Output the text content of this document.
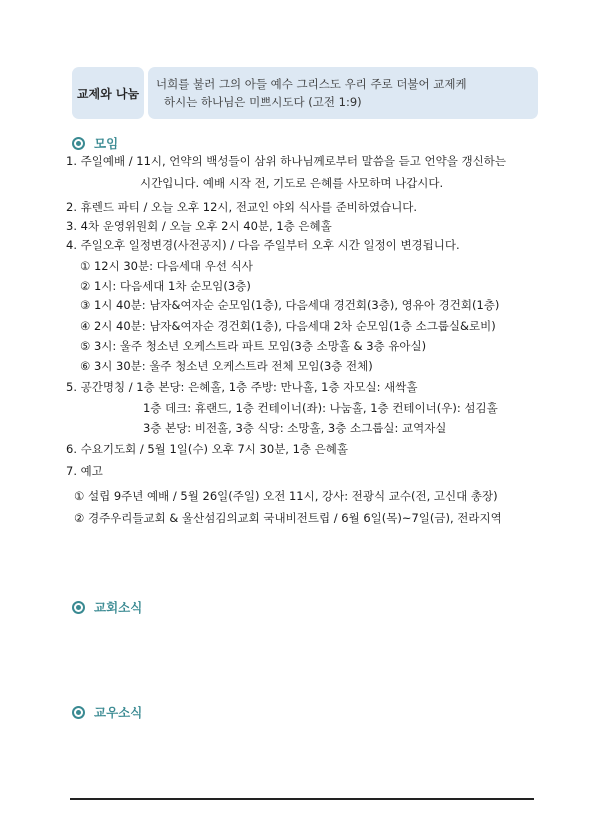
교제와 나눔
너희를 불러 그의 아들 예수 그리스도 우리 주로 더불어 교제케
하시는 하나님은 미쁘시도다 (고전 1:9)
모임
1. 주일예배 / 11시, 언약의 백성들이 삼위 하나님께로부터 말씀을 듣고 언약을 갱신하는
시간입니다. 예배 시작 전, 기도로 은혜를 사모하며 나갑시다.
2. 휴렌드 파티 / 오늘 오후 12시, 전교인 야외 식사를 준비하였습니다.
3. 4차 운영위원회 / 오늘 오후 2시 40분, 1층 은혜홀
4. 주일오후 일정변경(사전공지) / 다음 주일부터 오후 시간 일정이 변경됩니다.
① 12시 30분: 다음세대 우선 식사
② 1시: 다음세대 1차 순모임(3층)
③ 1시 40분: 남자&여자순 순모임(1층), 다음세대 경건회(3층), 영유아 경건회(1층)
④ 2시 40분: 남자&여자순 경건회(1층), 다음세대 2차 순모임(1층 소그룹실&로비)
⑤ 3시: 울주 청소년 오케스트라 파트 모임(3층 소망홀 & 3층 유아실)
⑥ 3시 30분: 울주 청소년 오케스트라 전체 모임(3층 전체)
5. 공간명칭 / 1층 본당: 은혜홀, 1층 주방: 만나홀, 1층 자모실: 새싹홀
1층 데크: 휴랜드, 1층 컨테이너(좌): 나눔홀, 1층 컨테이너(우): 섬김홀
3층 본당: 비전홀, 3층 식당: 소망홀, 3층 소그룹실: 교역자실
6. 수요기도회 / 5월 1일(수) 오후 7시 30분, 1층 은혜홀
7. 예고
① 설립 9주년 예배 / 5월 26일(주일) 오전 11시, 강사: 전광식 교수(전, 고신대 총장)
② 경주우리들교회 & 울산섬김의교회 국내비전트립 / 6월 6일(목)~7일(금), 전라지역
교회소식
교우소식
